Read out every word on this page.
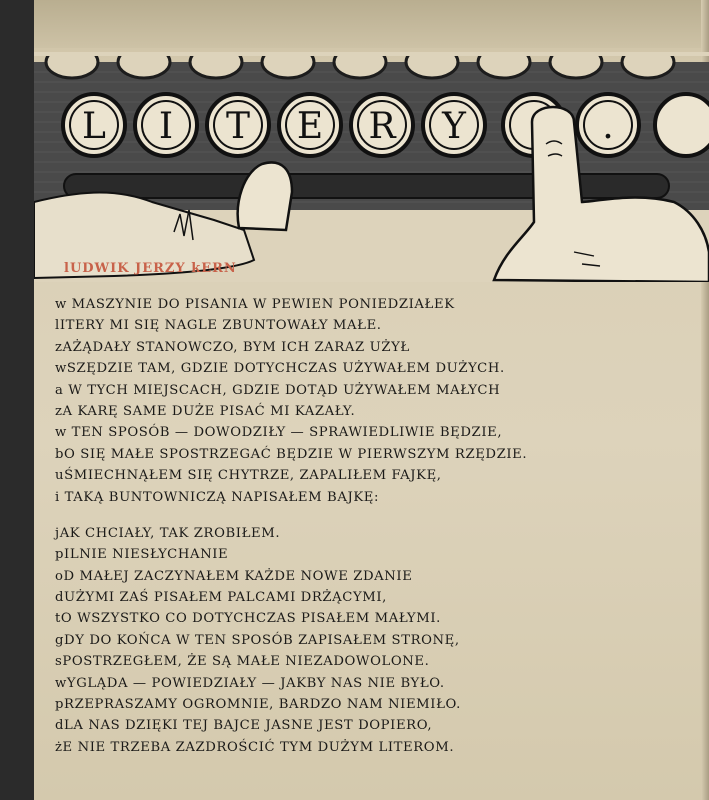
L I T E R Y	.
lUDWIK JERZY kERN
w MASZYNIE DO PISANIA W PEWIEN PONIEDZIAŁEK
lITERY MI SIĘ NAGLE ZBUNTOWAŁY MAŁE.
zAŻĄDAŁY STANOWCZO, BYM ICH ZARAZ UŻYŁ
wSZĘDZIE TAM, GDZIE DOTYCHCZAS UŻYWAŁEM DUŻYCH.
a W TYCH MIEJSCACH, GDZIE DOTĄD UŻYWAŁEM MAŁYCH
zA KARĘ SAME DUŻE PISAĆ MI KAZAŁY.
w TEN SPOSÓB — DOWODZIŁY — SPRAWIEDLIWIE BĘDZIE,
bO SIĘ MAŁE SPOSTRZEGAĆ BĘDZIE W PIERWSZYM RZĘDZIE.
uŚMIECHNĄŁEM SIĘ CHYTRZE, ZAPALIŁEM FAJKĘ,
i TAKĄ BUNTOWNICZĄ NAPISAŁEM BAJKĘ:
jAK CHCIAŁY, TAK ZROBIŁEM.
pILNIE NIESŁYCHANIE
oD MAŁEJ ZACZYNAŁEM KAŻDE NOWE ZDANIE
dUŻYMI ZAŚ PISAŁEM PALCAMI DRŻĄCYMI,
tO WSZYSTKO CO DOTYCHCZAS PISAŁEM MAŁYMI.
gDY DO KOŃCA W TEN SPOSÓB ZAPISAŁEM STRONĘ,
sPOSTRZEGŁEM, ŻE SĄ MAŁE NIEZADOWOLONE.
wYGLĄDA — POWIEDZIAŁY — JAKBY NAS NIE BYŁO.
pRZEPRASZAMY OGROMNIE, BARDZO NAM NIEMIŁO.
dLA NAS DZIĘKI TEJ BAJCE JASNE JEST DOPIERO,
żE NIE TRZEBA ZAZDROŚCIĆ TYM DUŻYM LITEROM.
